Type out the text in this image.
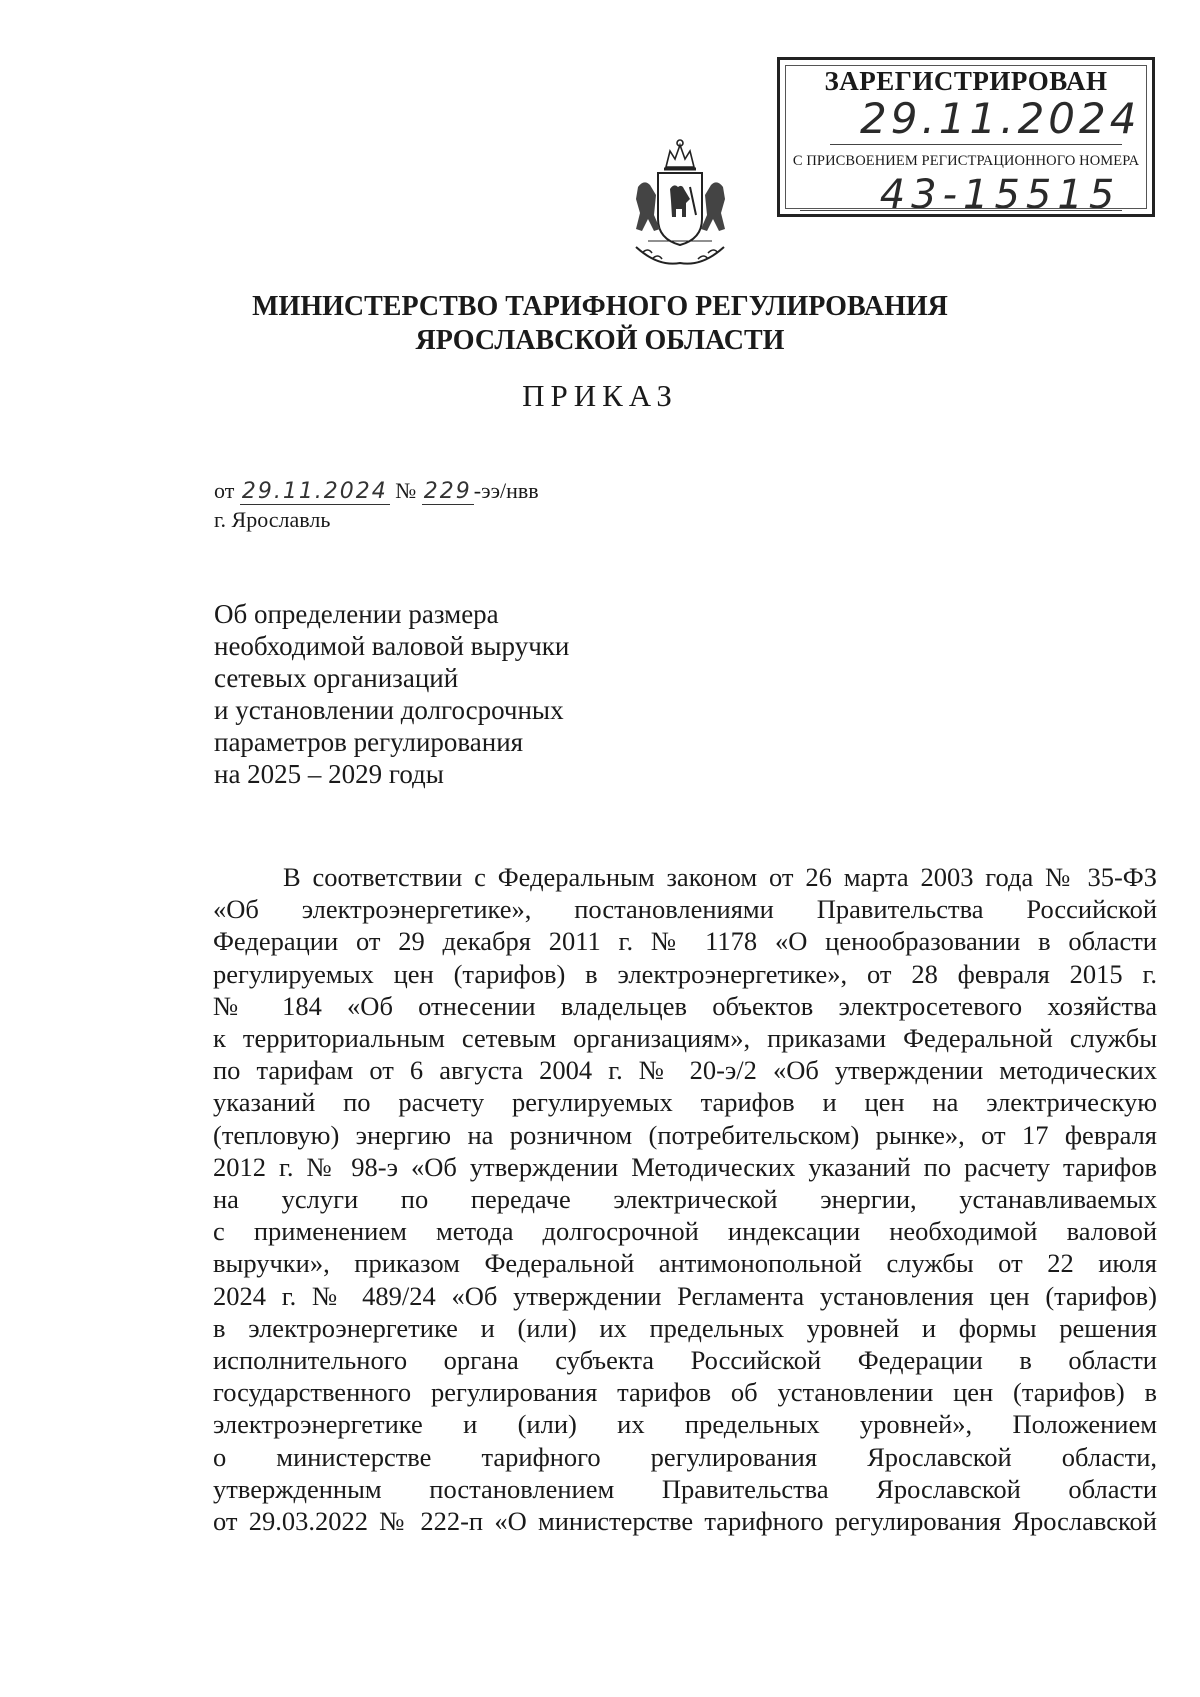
ЗАРЕГИСТРИРОВАН
29.11.2024
С ПРИСВОЕНИЕМ РЕГИСТРАЦИОННОГО НОМЕРА
43-15515
МИНИСТЕРСТВО ТАРИФНОГО РЕГУЛИРОВАНИЯ
ЯРОСЛАВСКОЙ ОБЛАСТИ
ПРИКАЗ
от 29.11.2024 № 229-ээ/нвв
г. Ярославль
Об определении размера
необходимой валовой выручки
сетевых организаций
и установлении долгосрочных
параметров регулирования
на 2025 – 2029 годы
В соответствии с Федеральным законом от 26 марта 2003 года № 35-ФЗ
«Об электроэнергетике», постановлениями Правительства Российской
Федерации от 29 декабря 2011 г. № 1178 «О ценообразовании в области
регулируемых цен (тарифов) в электроэнергетике», от 28 февраля 2015 г.
№ 184 «Об отнесении владельцев объектов электросетевого хозяйства
к территориальным сетевым организациям», приказами Федеральной службы
по тарифам от 6 августа 2004 г. № 20-э/2 «Об утверждении методических
указаний по расчету регулируемых тарифов и цен на электрическую
(тепловую) энергию на розничном (потребительском) рынке», от 17 февраля
2012 г. № 98-э «Об утверждении Методических указаний по расчету тарифов
на услуги по передаче электрической энергии, устанавливаемых
с применением метода долгосрочной индексации необходимой валовой
выручки», приказом Федеральной антимонопольной службы от 22 июля
2024 г. № 489/24 «Об утверждении Регламента установления цен (тарифов)
в электроэнергетике и (или) их предельных уровней и формы решения
исполнительного органа субъекта Российской Федерации в области
государственного регулирования тарифов об установлении цен (тарифов) в
электроэнергетике и (или) их предельных уровней», Положением
о министерстве тарифного регулирования Ярославской области,
утвержденным постановлением Правительства Ярославской области
от 29.03.2022 № 222-п «О министерстве тарифного регулирования Ярославской
